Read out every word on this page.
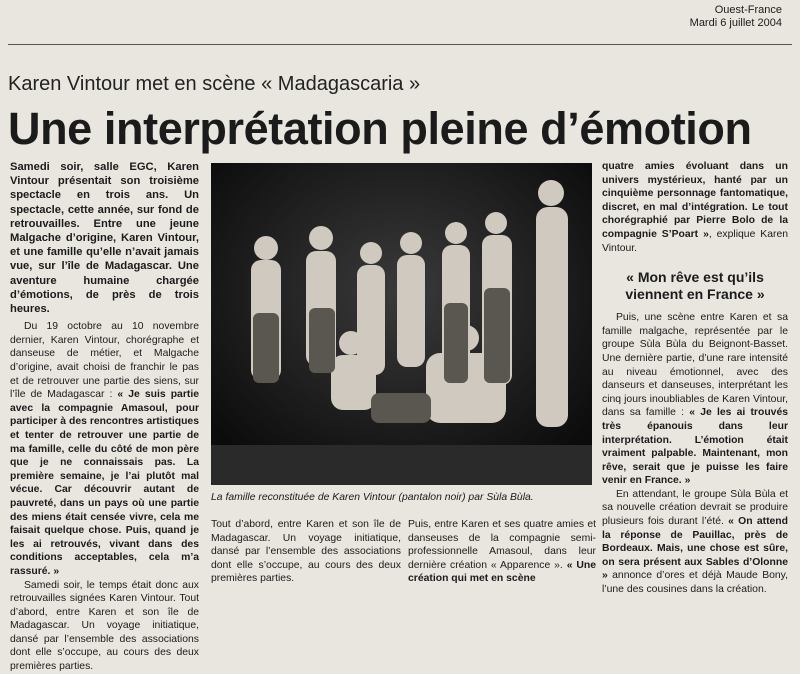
Ouest-France
Mardi 6 juillet 2004
Karen Vintour met en scène « Madagascaria »
Une interprétation pleine d’émotion

Samedi soir, salle EGC, Karen Vintour présentait son troisième spectacle en trois ans. Un spectacle, cette année, sur fond de retrouvailles. Entre une jeune Malgache d’origine, Karen Vintour, et une famille qu’elle n’avait jamais vue, sur l’île de Madagascar. Une aventure humaine chargée d’émotions, de près de trois heures.

Du 19 octobre au 10 novembre dernier, Karen Vintour, chorégraphe et danseuse de métier, et Malgache d’origine, avait choisi de franchir le pas et de retrouver une partie des siens, sur l’île de Madagascar : « Je suis partie avec la compagnie Amasoul, pour participer à des rencontres artistiques et tenter de retrouver une partie de ma famille, celle du côté de mon père que je ne connaissais pas. La première semaine, je l’ai plutôt mal vécue. Car découvrir autant de pauvreté, dans un pays où une partie des miens était censée vivre, cela me faisait quelque chose. Puis, quand je les ai retrouvés, vivant dans des conditions acceptables, cela m’a rassuré. »

Samedi soir, le temps était donc aux retrouvailles signées Karen Vintour. Tout d’abord, entre Karen et son île de Madagascar. Un voyage initiatique, dansé par l’ensemble des associations dont elle s’occupe, au cours des deux premières parties.

La famille reconstituée de Karen Vintour (pantalon noir) par Sùla Bùla.

Tout d’abord, entre Karen et son île de Madagascar. Un voyage initiatique, dansé par l’ensemble des associations dont elle s’occupe, au cours des deux premières parties.

Puis, entre Karen et ses quatre amies et danseuses de la compagnie semi-professionnelle Amasoul, dans leur dernière création « Apparence ». « Une création qui met en scène

quatre amies évoluant dans un univers mystérieux, hanté par un cinquième personnage fantomatique, discret, en mal d’intégration. Le tout chorégraphié par Pierre Bolo de la compagnie S’Poart », explique Karen Vintour.

« Mon rêve est qu’ils viennent en France »

Puis, une scène entre Karen et sa famille malgache, représentée par le groupe Sùla Bùla du Beignont-Basset. Une dernière partie, d’une rare intensité au niveau émotionnel, avec des danseurs et danseuses, interprétant les cinq jours inoubliables de Karen Vintour, dans sa famille : « Je les ai trouvés très épanouis dans leur interprétation. L’émotion était vraiment palpable. Maintenant, mon rêve, serait que je puisse les faire venir en France. »

En attendant, le groupe Sùla Bùla et sa nouvelle création devrait se produire plusieurs fois durant l’été. « On attend la réponse de Pauillac, près de Bordeaux. Mais, une chose est sûre, on sera présent aux Sables d’Olonne » annonce d’ores et déjà Maude Bony, l’une des cousines dans la création.
